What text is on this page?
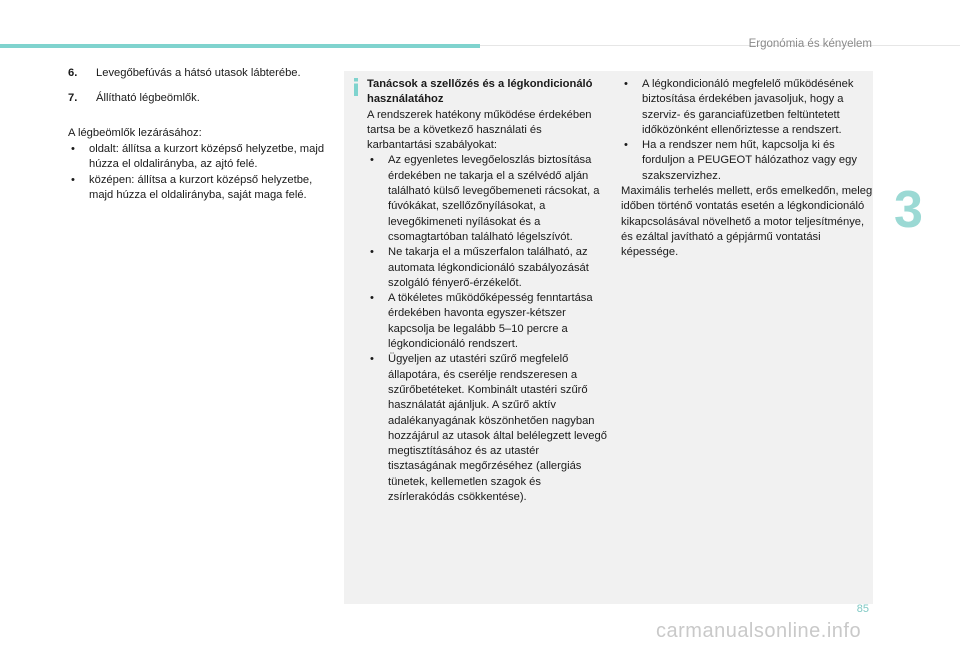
Ergonómia és kényelem
3
6.	Levegőbefúvás a hátsó utasok lábterébe.
7.	Állítható légbeömlők.
A légbeömlők lezárásához:
• oldalt: állítsa a kurzort középső helyzetbe, majd húzza el oldalirányba, az ajtó felé.
• középen: állítsa a kurzort középső helyzetbe, majd húzza el oldalirányba, saját maga felé.
Tanácsok a szellőzés és a légkondicionáló használatához
A rendszerek hatékony működése érdekében tartsa be a következő használati és karbantartási szabályokat:
• Az egyenletes levegőeloszlás biztosítása érdekében ne takarja el a szélvédő alján található külső levegőbemeneti rácsokat, a fúvókákat, szellőzőnyílásokat, a levegőkimeneti nyílásokat és a csomagtartóban található légelszívót.
• Ne takarja el a műszerfalon található, az automata légkondicionáló szabályozását szolgáló fényerő-érzékelőt.
• A tökéletes működőképesség fenntartása érdekében havonta egyszer-kétszer kapcsolja be legalább 5–10 percre a légkondicionáló rendszert.
• Ügyeljen az utastéri szűrő megfelelő állapotára, és cserélje rendszeresen a szűrőbetéteket. Kombinált utastéri szűrő használatát ajánljuk. A szűrő aktív adalékanyagának köszönhetően nagyban hozzájárul az utasok által belélegzett levegő megtisztításához és az utastér tisztaságának megőrzéséhez (allergiás tünetek, kellemetlen szagok és zsírlerakódás csökkentése).
• A légkondicionáló megfelelő működésének biztosítása érdekében javasoljuk, hogy a szerviz- és garanciafüzetben feltüntetett időközönként ellenőriztesse a rendszert.
• Ha a rendszer nem hűt, kapcsolja ki és forduljon a PEUGEOT hálózathoz vagy egy szakszervizhez.
Maximális terhelés mellett, erős emelkedőn, meleg időben történő vontatás esetén a légkondicionáló kikapcsolásával növelhető a motor teljesítménye, és ezáltal javítható a gépjármű vontatási képessége.
85
carmanualsonline.info
